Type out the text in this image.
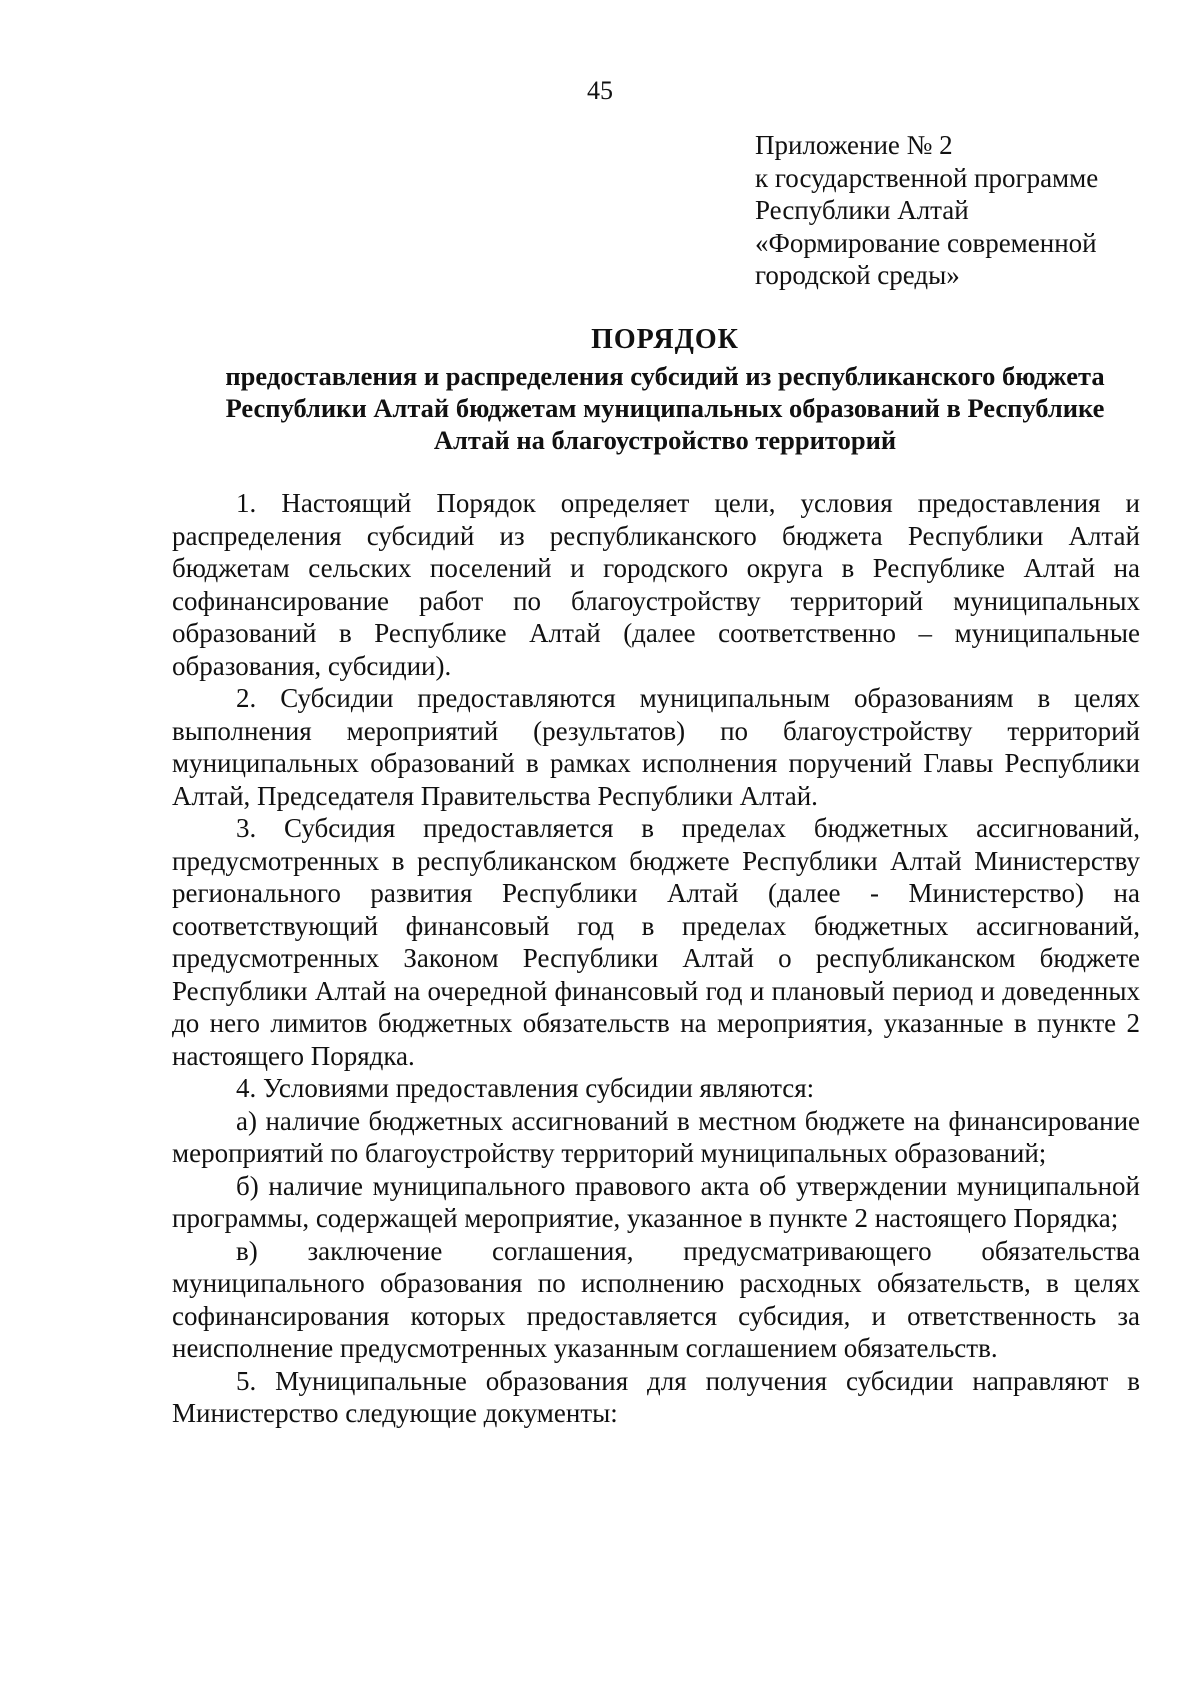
45
Приложение № 2
к государственной программе
Республики Алтай
«Формирование современной
городской среды»
ПОРЯДОК
предоставления и распределения субсидий из республиканского бюджета
Республики Алтай бюджетам муниципальных образований в Республике
Алтай на благоустройство территорий

1. Настоящий Порядок определяет цели, условия предоставления и распределения субсидий из республиканского бюджета Республики Алтай бюджетам сельских поселений и городского округа в Республике Алтай на софинансирование работ по благоустройству территорий муниципальных образований в Республике Алтай (далее соответственно – муниципальные образования, субсидии).

2. Субсидии предоставляются муниципальным образованиям в целях выполнения мероприятий (результатов) по благоустройству территорий муниципальных образований в рамках исполнения поручений Главы Республики Алтай, Председателя Правительства Республики Алтай.

3. Субсидия предоставляется в пределах бюджетных ассигнований, предусмотренных в республиканском бюджете Республики Алтай Министерству регионального развития Республики Алтай (далее - Министерство) на соответствующий финансовый год в пределах бюджетных ассигнований, предусмотренных Законом Республики Алтай о республиканском бюджете Республики Алтай на очередной финансовый год и плановый период и доведенных до него лимитов бюджетных обязательств на мероприятия, указанные в пункте 2 настоящего Порядка.

4. Условиями предоставления субсидии являются:

а) наличие бюджетных ассигнований в местном бюджете на финансирование мероприятий по благоустройству территорий муниципальных образований;

б) наличие муниципального правового акта об утверждении муниципальной программы, содержащей мероприятие, указанное в пункте 2 настоящего Порядка;

в) заключение соглашения, предусматривающего обязательства муниципального образования по исполнению расходных обязательств, в целях софинансирования которых предоставляется субсидия, и ответственность за неисполнение предусмотренных указанным соглашением обязательств.

5. Муниципальные образования для получения субсидии направляют в Министерство следующие документы:
